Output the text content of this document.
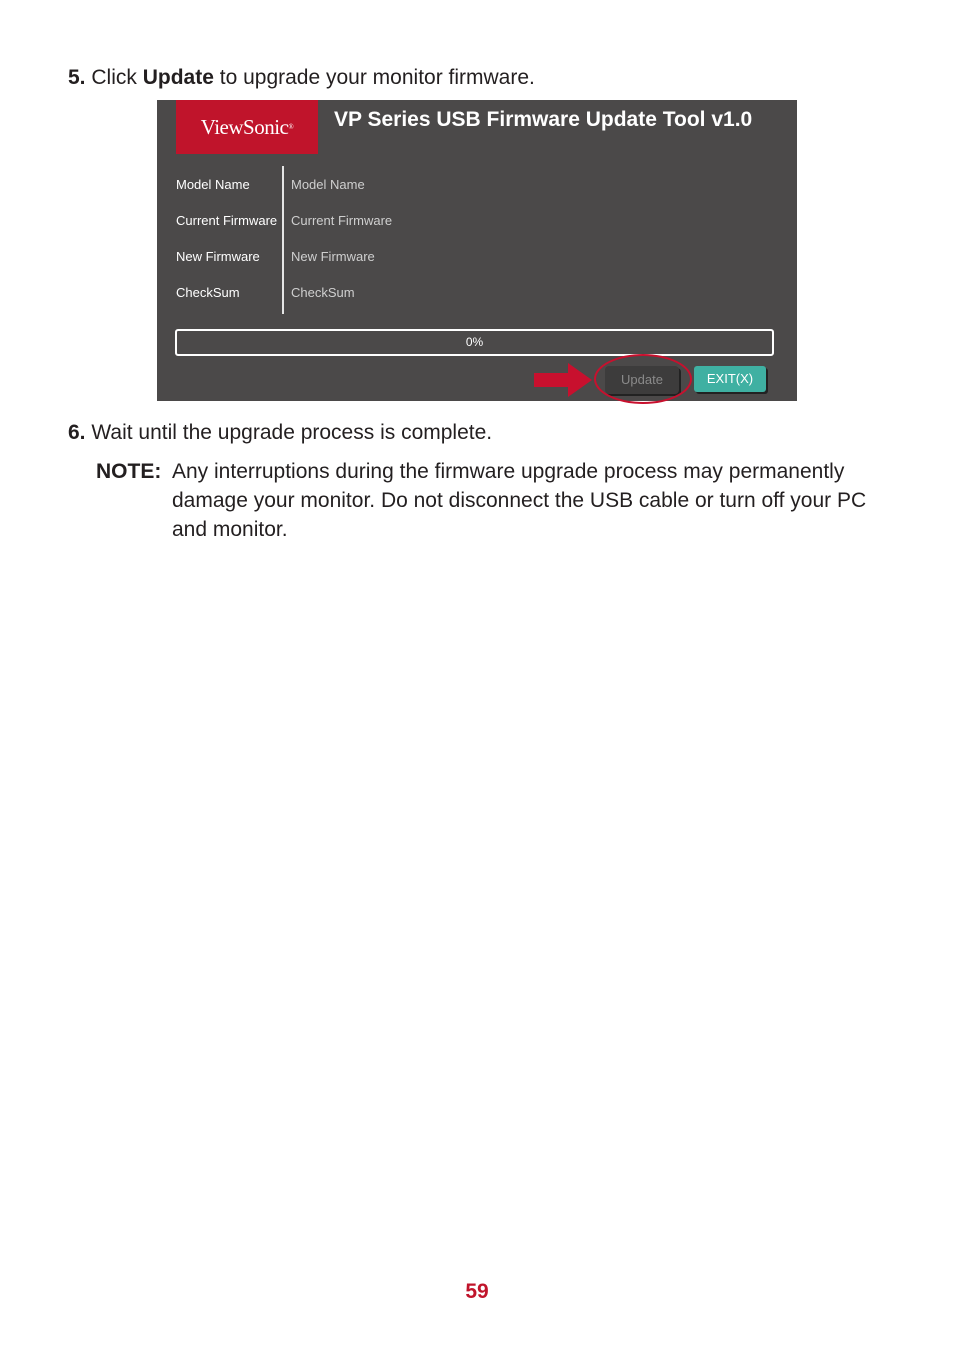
5. Click Update to upgrade your monitor firmware.
ViewSonic ® VP Series USB Firmware Update Tool v1.0
Model Name
Current Firmware
New Firmware
CheckSum
Model Name
Current Firmware
New Firmware
CheckSum
0%
Update	EXIT(X)
6. Wait until the upgrade process is complete.
NOTE: Any interruptions during the firmware upgrade process may permanently damage your monitor. Do not disconnect the USB cable or turn off your PC and monitor.
59
